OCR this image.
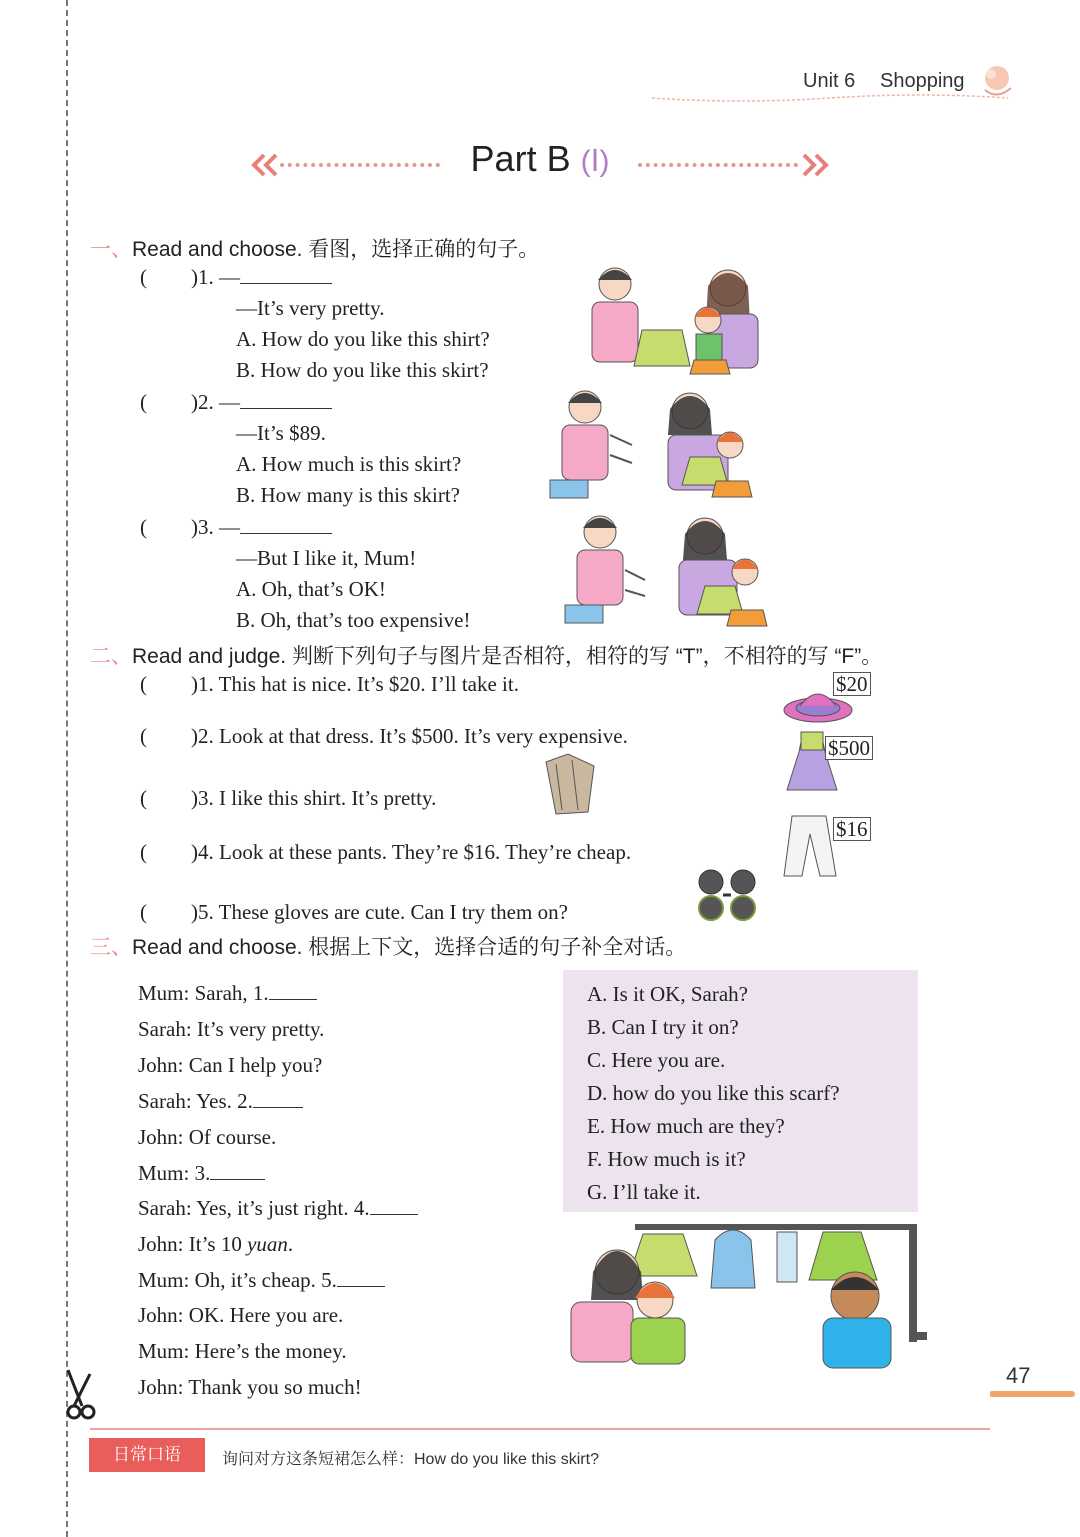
Unit 6 Shopping
Part B (Ⅰ)
一、Read and choose. 看图，选择正确的句子。
( )1. —
—It’s very pretty.
A. How do you like this shirt?
B. How do you like this skirt?
( )2. —
—It’s $89.
A. How much is this skirt?
B. How many is this skirt?
( )3. —
—But I like it, Mum!
A. Oh, that’s OK!
B. Oh, that’s too expensive!
二、Read and judge. 判断下列句子与图片是否相符，相符的写 “T”，不相符的写 “F”。
( )1. This hat is nice. It’s $20. I’ll take it.
( )2. Look at that dress. It’s $500. It’s very expensive.
( )3. I like this shirt. It’s pretty.
( )4. Look at these pants. They’re $16. They’re cheap.
( )5. These gloves are cute. Can I try them on?
$20
$500
$16
三、Read and choose. 根据上下文，选择合适的句子补全对话。
Mum: Sarah, 1.
Sarah: It’s very pretty.
John: Can I help you?
Sarah: Yes. 2.
John: Of course.
Mum: 3.
Sarah: Yes, it’s just right. 4.
John: It’s 10 yuan.
Mum: Oh, it’s cheap. 5.
John: OK. Here you are.
Mum: Here’s the money.
John: Thank you so much!
A. Is it OK, Sarah?
B. Can I try it on?
C. Here you are.
D. how do you like this scarf?
E. How much are they?
F. How much is it?
G. I’ll take it.
47
日常口语	询问对方这条短裙怎么样：How do you like this skirt?
